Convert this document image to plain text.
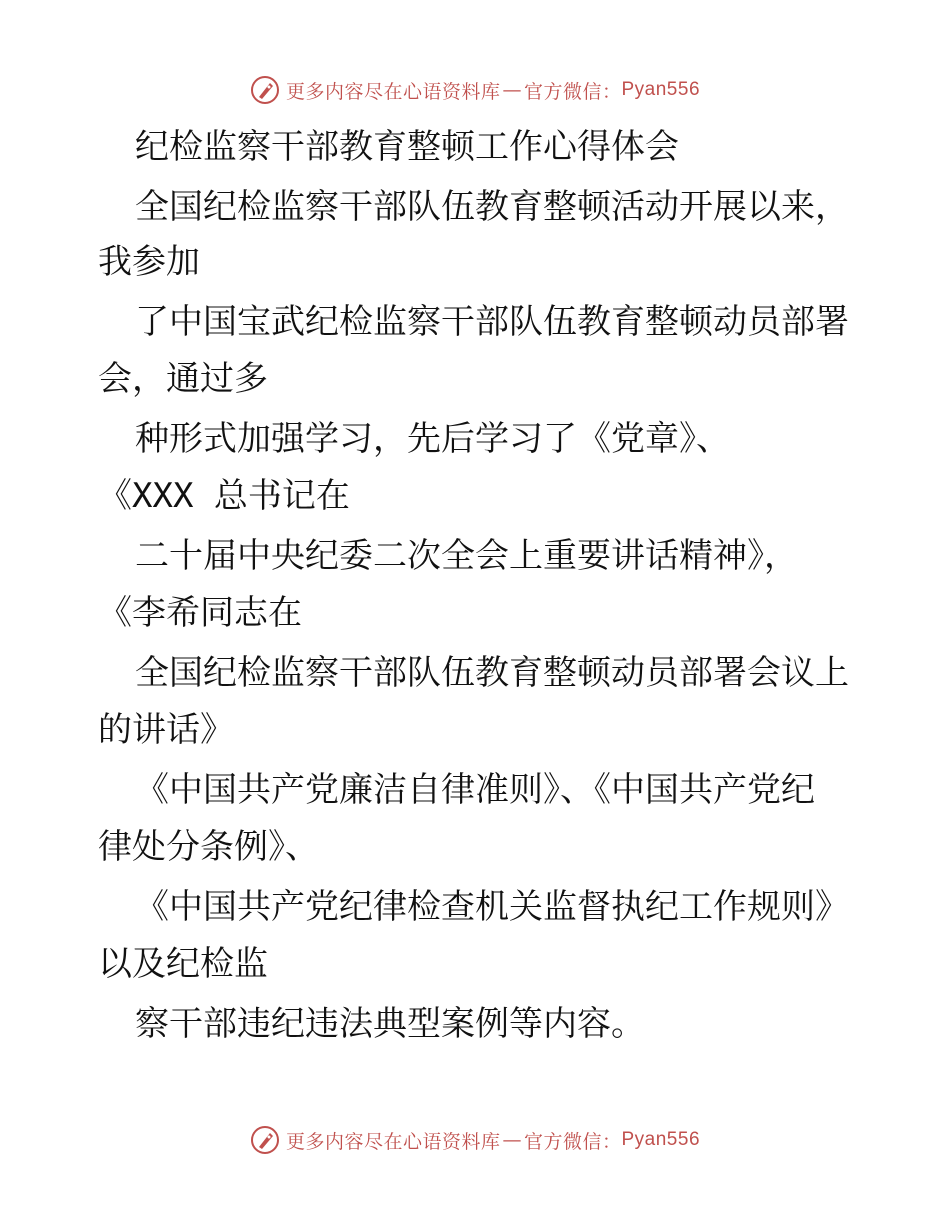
更多内容尽在心语资料库 — 官方微信： Pyan556
纪检监察干部教育整顿工作心得体会
全国纪检监察干部队伍教育整顿活动开展以来，
我参加
了中国宝武纪检监察干部队伍教育整顿动员部署
会，通过多
种形式加强学习，先后学习了《党章》、
《XXX 总书记在
二十届中央纪委二次全会上重要讲话精神》，
《李希同志在
全国纪检监察干部队伍教育整顿动员部署会议上
的讲话》
《中国共产党廉洁自律准则》、《中国共产党纪
律处分条例》、
《中国共产党纪律检查机关监督执纪工作规则》
以及纪检监
察干部违纪违法典型案例等内容。
更多内容尽在心语资料库 — 官方微信： Pyan556
